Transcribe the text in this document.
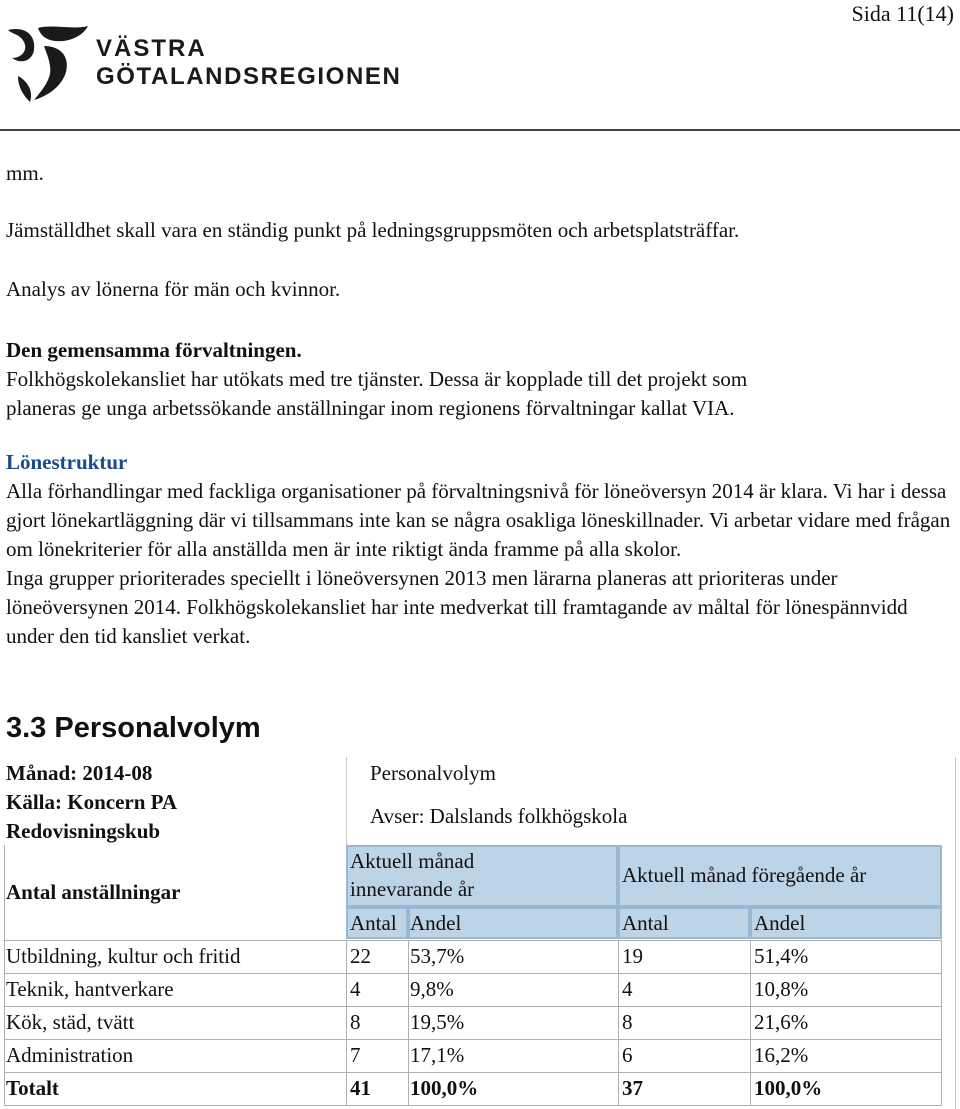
Sida 11(14)
VÄSTRA
GÖTALANDSREGIONEN
mm.
Jämställdhet skall vara en ständig punkt på ledningsgruppsmöten och arbetsplatsträffar.
Analys av lönerna för män och kvinnor.
Den gemensamma förvaltningen.
Folkhögskolekansliet har utökats med tre tjänster. Dessa är kopplade till det projekt som
planeras ge unga arbetssökande anställningar inom regionens förvaltningar kallat VIA.

Lönestruktur

Alla förhandlingar med fackliga organisationer på förvaltningsnivå för löneöversyn 2014 är klara. Vi har i dessa gjort lönekartläggning där vi tillsammans inte kan se några osakliga löneskillnader. Vi arbetar vidare med frågan om lönekriterier för alla anställda men är inte riktigt ända framme på alla skolor.

Inga grupper prioriterades speciellt i löneöversynen 2013 men lärarna planeras att prioriteras under löneöversynen 2014. Folkhögskolekansliet har inte medverkat till framtagande av måltal för lönespännvidd under den tid kansliet verkat.

3.3 Personalvolym
Månad: 2014-08
Källa: Koncern PA
Redovisningskub
Personalvolym
Avser: Dalslands folkhögskola
Aktuell månad
innevarande år
Aktuell månad föregående år
Antal anställningar
Antal Andel	Antal	Andel
Utbildning, kultur och fritid	22 53,7%	19	51,4%
Teknik, hantverkare	4 9,8%	4	10,8%
Kök, städ, tvätt	8 19,5%	8	21,6%
Administration	7 17,1%	6	16,2%
Totalt	41 100,0%	37	100,0%
